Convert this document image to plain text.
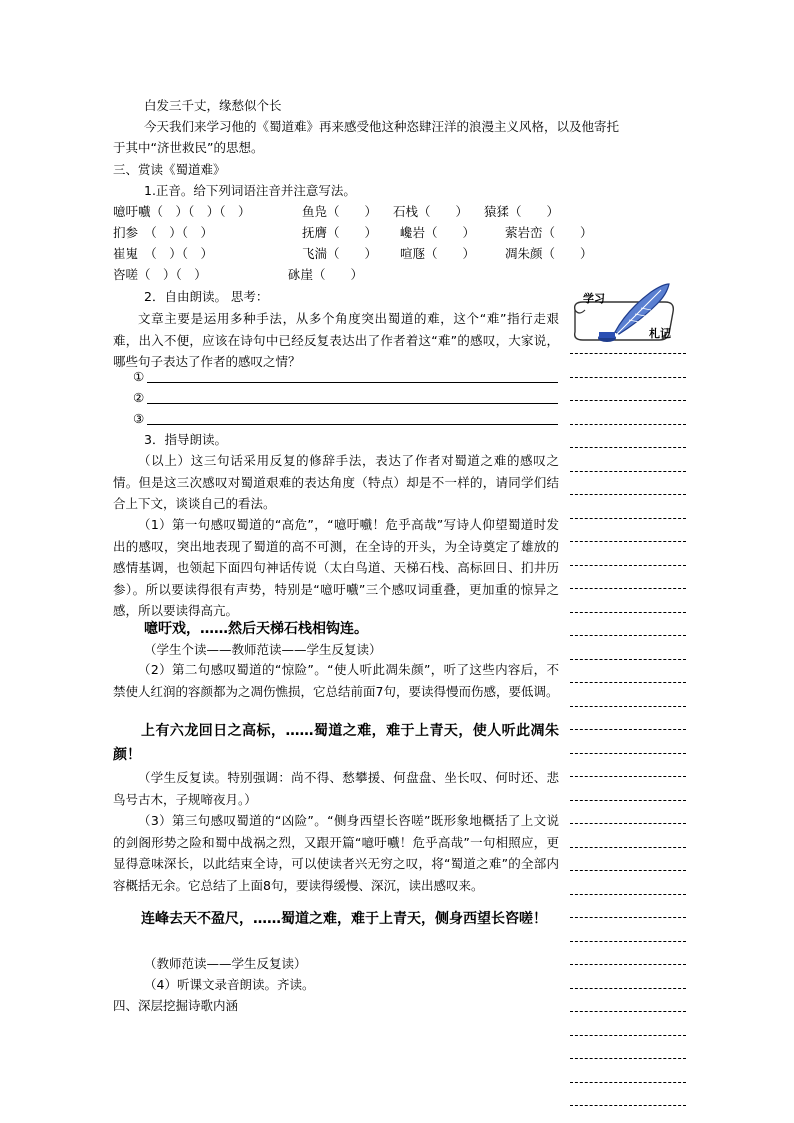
白发三千丈，缘愁似个长
今天我们来学习他的《蜀道难》再来感受他这种恣肆汪洋的浪漫主义风格，以及他寄托
于其中“济世救民”的思想。
三、赏读《蜀道难》
1.正音。给下列词语注音并注意写法。
噫吁嚱（　）（　）（　）	鱼凫（　　） 石栈（　　） 猿猱（　　）
扪参　（　）（　）	抚膺（　　） 巉岩（　　） 萦岩峦（　　）
崔嵬　（　）（　）	飞湍（　　） 喧豗（　　） 凋朱颜（　　）
咨嗟（　）（　）	砯崖（　　）
2．自由朗读。 思考：
文章主要是运用多种手法，从多个角度突出蜀道的难，这个“难”指行走艰难，出入不便，应该在诗句中已经反复表达出了作者着这“难”的感叹，大家说，哪些句子表达了作者的感叹之情？
①
②
③
3．指导朗读。
（以上）这三句话采用反复的修辞手法，表达了作者对蜀道之难的感叹之情。但是这三次感叹对蜀道艰难的表达角度（特点）却是不一样的，请同学们结合上下文，谈谈自己的看法。
（1）第一句感叹蜀道的“高危”，“噫吁嚱！危乎高哉”写诗人仰望蜀道时发出的感叹，突出地表现了蜀道的高不可测，在全诗的开头，为全诗奠定了雄放的感情基调，也领起下面四句神话传说（太白鸟道、天梯石栈、高标回日、扪井历参）。所以要读得很有声势，特别是“噫吁嚱”三个感叹词重叠，更加重的惊异之感，所以要读得高亢。
噫吁戏，……然后天梯石栈相钩连。
（学生个读——教师范读——学生反复读）
（2）第二句感叹蜀道的“惊险”。“使人听此凋朱颜”，听了这些内容后，不禁使人红润的容颜都为之凋伤憔损，它总结前面7句，要读得慢而伤感，要低调。
上有六龙回日之高标，……蜀道之难，难于上青天，使人听此凋朱颜！
（学生反复读。特别强调：尚不得、愁攀援、何盘盘、坐长叹、何时还、悲鸟号古木，子规啼夜月。）
（3）第三句感叹蜀道的“凶险”。“侧身西望长咨嗟”既形象地概括了上文说的剑阁形势之险和蜀中战祸之烈，又跟开篇“噫吁嚱！危乎高哉”一句相照应，更显得意味深长，以此结束全诗，可以使读者兴无穷之叹，将“蜀道之难”的全部内容概括无余。它总结了上面8句，要读得缓慢、深沉，读出感叹来。
连峰去天不盈尺，……蜀道之难，难于上青天，侧身西望长咨嗟！
（教师范读——学生反复读）
（4）听课文录音朗读。齐读。
四、深层挖掘诗歌内涵
学习
札记
